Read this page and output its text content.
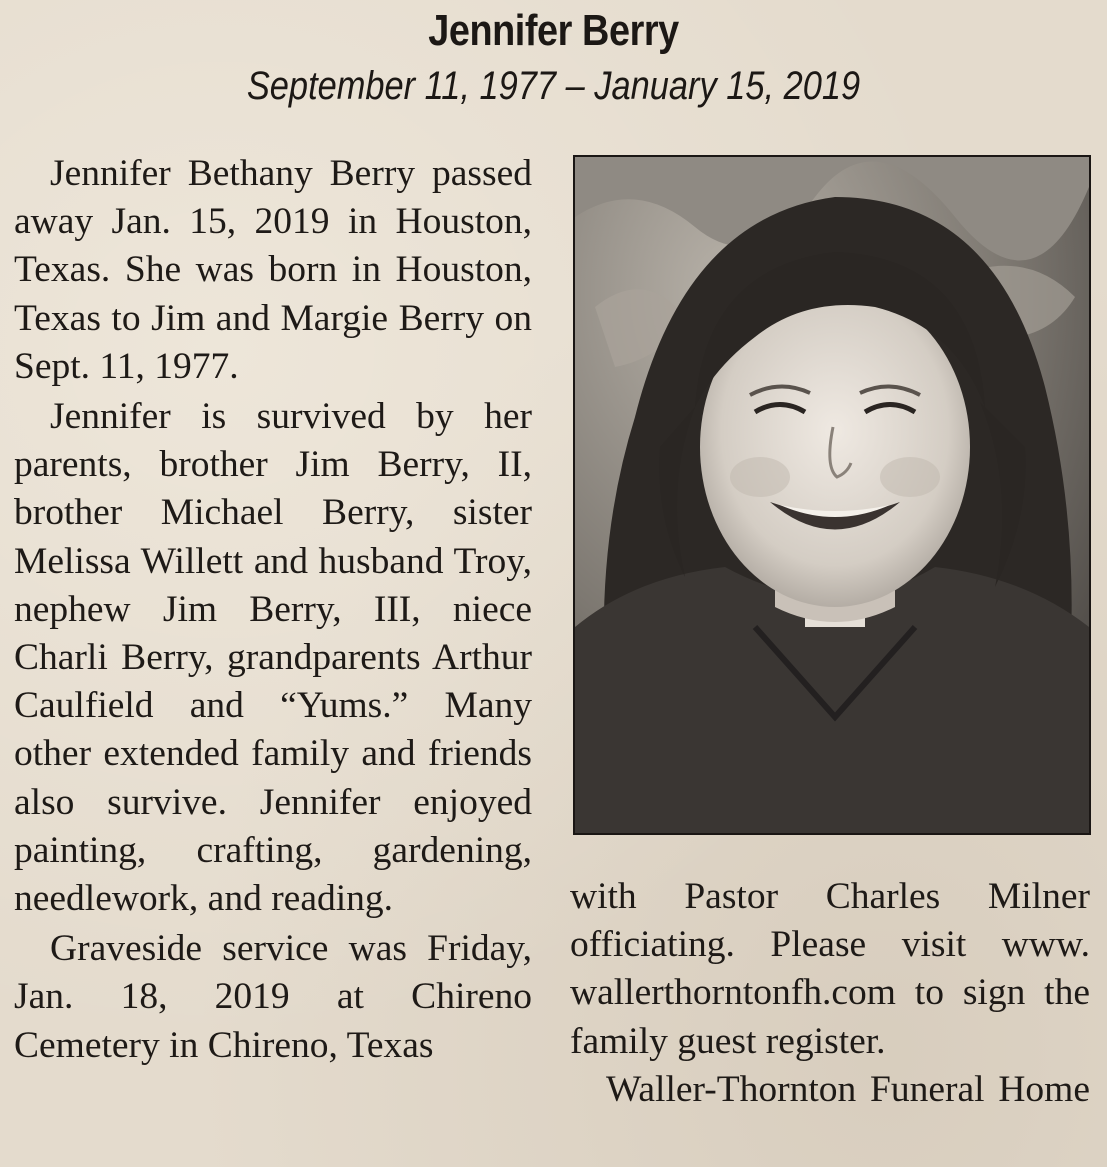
Jennifer Berry
September 11, 1977 – January 15, 2019

Jennifer Bethany Berry passed away Jan. 15, 2019 in Houston, Texas. She was born in Houston, Texas to Jim and Margie Berry on Sept. 11, 1977.

Jennifer is survived by her parents, brother Jim Berry, II, brother Michael Berry, sister Melissa Willett and husband Troy, nephew Jim Berry, III, niece Charli Berry, grandparents Arthur Caulfield and “Yums.” Many other extended family and friends also survive. Jennifer enjoyed painting, crafting, gardening, needlework, and reading.

Graveside service was Friday, Jan. 18, 2019 at Chireno Cemetery in Chireno, Texas

with Pastor Charles Milner officiating. Please visit www. wallerthorntonfh.com to sign the family guest register.

Waller-Thornton Funeral Home
